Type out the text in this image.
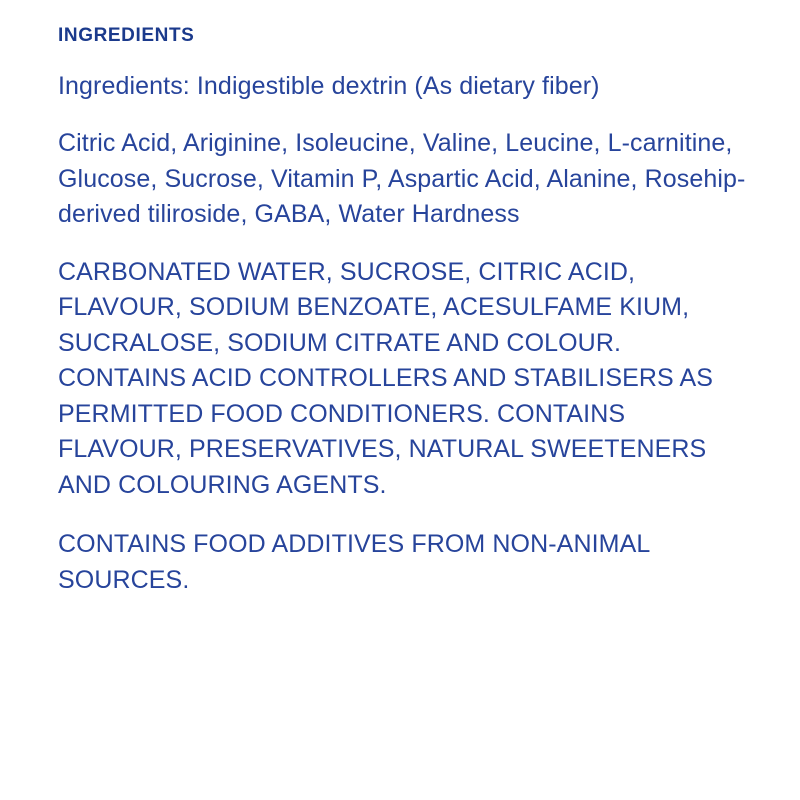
INGREDIENTS

Ingredients: Indigestible dextrin (As dietary fiber)

Citric Acid, Ariginine, Isoleucine, Valine, Leucine, L-carnitine, Glucose, Sucrose, Vitamin P, Aspartic Acid, Alanine, Rosehip-derived tiliroside, GABA, Water Hardness

CARBONATED WATER, SUCROSE, CITRIC ACID, FLAVOUR, SODIUM BENZOATE, ACESULFAME KIUM, SUCRALOSE, SODIUM CITRATE AND COLOUR. CONTAINS ACID CONTROLLERS AND STABILISERS AS PERMITTED FOOD CONDITIONERS. CONTAINS FLAVOUR, PRESERVATIVES, NATURAL SWEETENERS AND COLOURING AGENTS.

CONTAINS FOOD ADDITIVES FROM NON-ANIMAL SOURCES.
